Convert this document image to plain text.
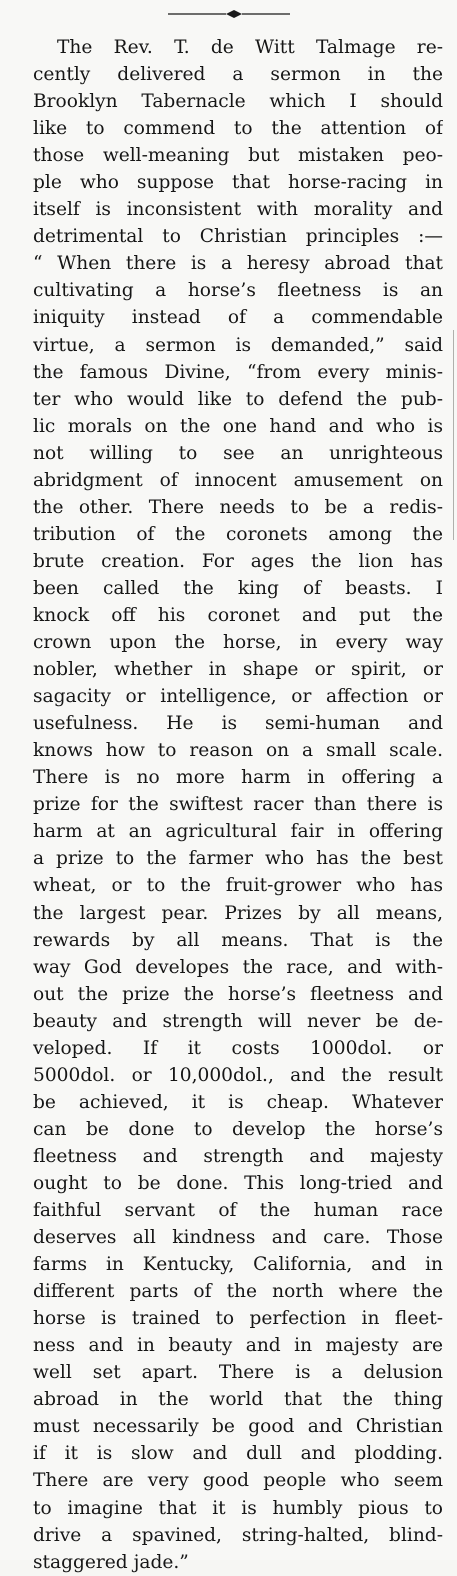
The Rev. T. de Witt Talmage re-
cently delivered a sermon in the
Brooklyn Tabernacle which I should
like to commend to the attention of
those well-meaning but mistaken peo-
ple who suppose that horse-racing in
itself is inconsistent with morality and
detrimental to Christian principles :—
“ When there is a heresy abroad that
cultivating a horse’s fleetness is an
iniquity instead of a commendable
virtue, a sermon is demanded,” said
the famous Divine, “from every minis-
ter who would like to defend the pub-
lic morals on the one hand and who is
not willing to see an unrighteous
abridgment of innocent amusement on
the other. There needs to be a redis-
tribution of the coronets among the
brute creation. For ages the lion has
been called the king of beasts. I
knock off his coronet and put the
crown upon the horse, in every way
nobler, whether in shape or spirit, or
sagacity or intelligence, or affection or
usefulness. He is semi-human and
knows how to reason on a small scale.
There is no more harm in offering a
prize for the swiftest racer than there is
harm at an agricultural fair in offering
a prize to the farmer who has the best
wheat, or to the fruit-grower who has
the largest pear. Prizes by all means,
rewards by all means. That is the
way God developes the race, and with-
out the prize the horse’s fleetness and
beauty and strength will never be de-
veloped. If it costs 1000dol. or
5000dol. or 10,000dol., and the result
be achieved, it is cheap. Whatever
can be done to develop the horse’s
fleetness and strength and majesty
ought to be done. This long-tried and
faithful servant of the human race
deserves all kindness and care. Those
farms in Kentucky, California, and in
different parts of the north where the
horse is trained to perfection in fleet-
ness and in beauty and in majesty are
well set apart. There is a delusion
abroad in the world that the thing
must necessarily be good and Christian
if it is slow and dull and plodding.
There are very good people who seem
to imagine that it is humbly pious to
drive a spavined, string-halted, blind-
staggered jade.”
